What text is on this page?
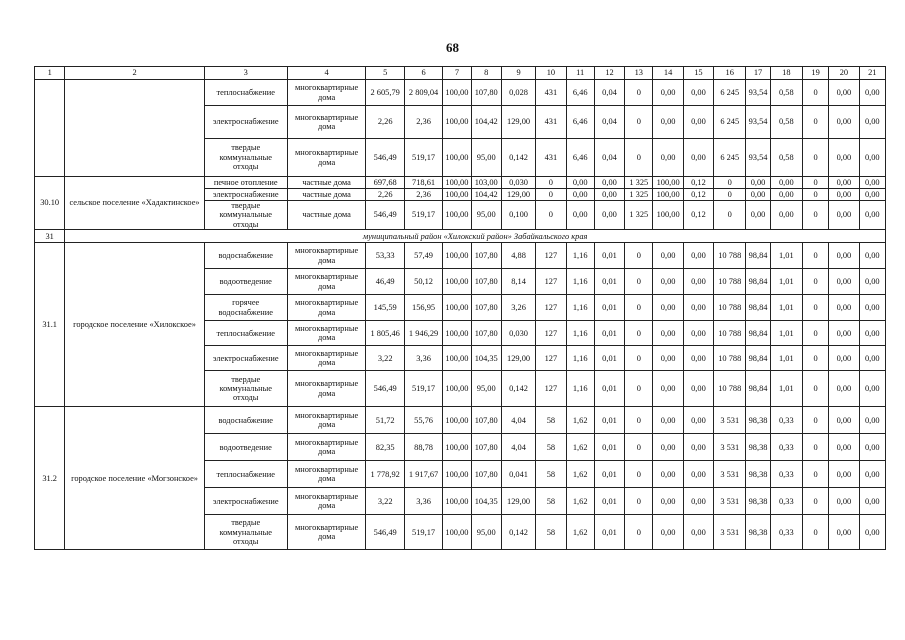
68
1	2	3	4	5	6	7	8	9	10	11	12	13	14	15	16	17	18	19	20	21
		теплоснабжение	многоквартирные дома	2 605,79	2 809,04	100,00	107,80	0,028	431	6,46	0,04	0	0,00	0,00	6 245	93,54	0,58	0	0,00	0,00
		электроснабжение	многоквартирные дома	2,26	2,36	100,00	104,42	129,00	431	6,46	0,04	0	0,00	0,00	6 245	93,54	0,58	0	0,00	0,00
		твердые коммунальные отходы	многоквартирные дома	546,49	519,17	100,00	95,00	0,142	431	6,46	0,04	0	0,00	0,00	6 245	93,54	0,58	0	0,00	0,00
30.10	сельское поселение «Хадактинское»	печное отопление	частные дома	697,68	718,61	100,00	103,00	0,030	0	0,00	0,00	1 325	100,00	0,12	0	0,00	0,00	0	0,00	0,00
		электроснабжение	частные дома	2,26	2,36	100,00	104,42	129,00	0	0,00	0,00	1 325	100,00	0,12	0	0,00	0,00	0	0,00	0,00
		твердые коммунальные отходы	частные дома	546,49	519,17	100,00	95,00	0,100	0	0,00	0,00	1 325	100,00	0,12	0	0,00	0,00	0	0,00	0,00
31	муниципальный район «Хилокский район» Забайкальского края																			
31.1	городское поселение «Хилокское»	водоснабжение	многоквартирные дома	53,33	57,49	100,00	107,80	4,88	127	1,16	0,01	0	0,00	0,00	10 788	98,84	1,01	0	0,00	0,00
		водоотведение	многоквартирные дома	46,49	50,12	100,00	107,80	8,14	127	1,16	0,01	0	0,00	0,00	10 788	98,84	1,01	0	0,00	0,00
		горячее водоснабжение	многоквартирные дома	145,59	156,95	100,00	107,80	3,26	127	1,16	0,01	0	0,00	0,00	10 788	98,84	1,01	0	0,00	0,00
		теплоснабжение	многоквартирные дома	1 805,46	1 946,29	100,00	107,80	0,030	127	1,16	0,01	0	0,00	0,00	10 788	98,84	1,01	0	0,00	0,00
		электроснабжение	многоквартирные дома	3,22	3,36	100,00	104,35	129,00	127	1,16	0,01	0	0,00	0,00	10 788	98,84	1,01	0	0,00	0,00
		твердые коммунальные отходы	многоквартирные дома	546,49	519,17	100,00	95,00	0,142	127	1,16	0,01	0	0,00	0,00	10 788	98,84	1,01	0	0,00	0,00
31.2	городское поселение «Могзонское»	водоснабжение	многоквартирные дома	51,72	55,76	100,00	107,80	4,04	58	1,62	0,01	0	0,00	0,00	3 531	98,38	0,33	0	0,00	0,00
		водоотведение	многоквартирные дома	82,35	88,78	100,00	107,80	4,04	58	1,62	0,01	0	0,00	0,00	3 531	98,38	0,33	0	0,00	0,00
		теплоснабжение	многоквартирные дома	1 778,92	1 917,67	100,00	107,80	0,041	58	1,62	0,01	0	0,00	0,00	3 531	98,38	0,33	0	0,00	0,00
		электроснабжение	многоквартирные дома	3,22	3,36	100,00	104,35	129,00	58	1,62	0,01	0	0,00	0,00	3 531	98,38	0,33	0	0,00	0,00
		твердые коммунальные отходы	многоквартирные дома	546,49	519,17	100,00	95,00	0,142	58	1,62	0,01	0	0,00	0,00	3 531	98,38	0,33	0	0,00	0,00
